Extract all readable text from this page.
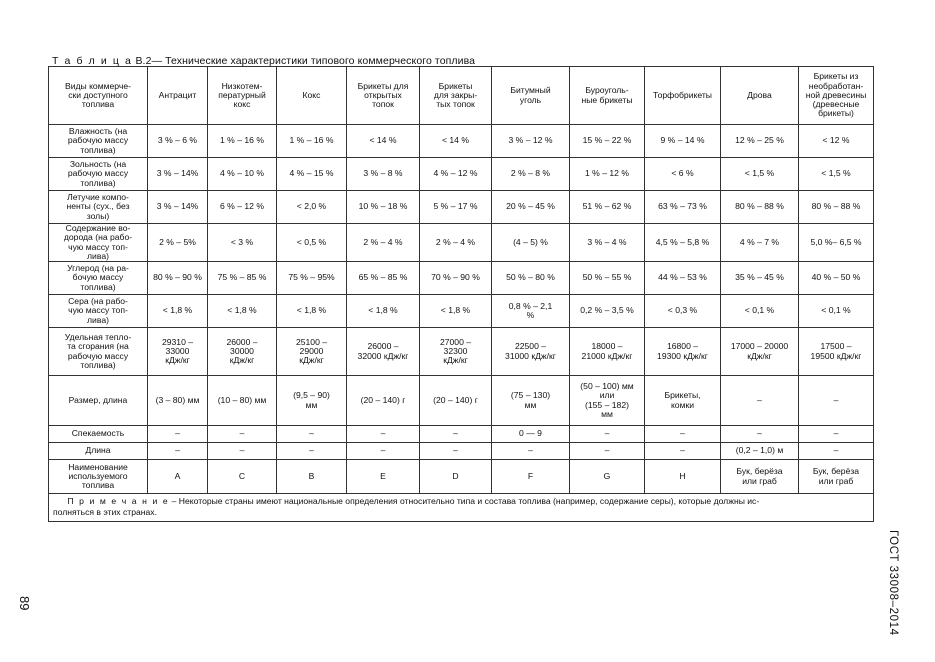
Т а б л и ц а В.2— Технические характеристики типового коммерческого топлива
Виды коммерче-
ски доступного
топлива	Антрацит	Низкотем-
пературный
кокс	Кокс	Брикеты для
открытых
топок	Брикеты
для закры-
тых топок	Битумный
уголь	Буроуголь-
ные брикеты	Торфобрикеты	Дрова	Брикеты из
необработан-
ной древесины
(древесные
брикеты)
Влажность (на
рабочую массу
топлива)	3 % – 6 %	1 % – 16 %	1 % – 16 %	< 14 %	< 14 %	3 % – 12 %	15 % – 22 %	9 % – 14 %	12 % – 25 %	< 12 %
Зольность (на
рабочую массу
топлива)	3 % – 14%	4 % – 10 %	4 % – 15 %	3 % – 8 %	4 % – 12 %	2 % – 8 %	1 % – 12 %	< 6 %	< 1,5 %	< 1,5 %
Летучие компо-
ненты (сух., без
золы)	3 % – 14%	6 % – 12 %	< 2,0 %	10 % – 18 %	5 % – 17 %	20 % – 45 %	51 % – 62 %	63 % – 73 %	80 % – 88 %	80 % – 88 %
Содержание во-
дорода (на рабо-
чую массу топ-
лива)	2 % – 5%	< 3 %	< 0,5 %	2 % – 4 %	2 % – 4 %	(4 – 5) %	3 % – 4 %	4,5 % – 5,8 %	4 % – 7 %	5,0 %– 6,5 %
Углерод (на ра-
бочую массу
топлива)	80 % – 90 %	75 % – 85 %	75 % – 95%	65 % – 85 %	70 % – 90 %	50 % – 80 %	50 % – 55 %	44 % – 53 %	35 % – 45 %	40 % – 50 %
Сера (на рабо-
чую массу топ-
лива)	< 1,8 %	< 1,8 %	< 1,8 %	< 1,8 %	< 1,8 %	0,8 % – 2,1
%	0,2 % – 3,5 %	< 0,3 %	< 0,1 %	< 0,1 %
Удельная тепло-
та сгорания (на
рабочую массу
топлива)	29310 –
33000
кДж/кг	26000 –
30000
кДж/кг	25100 –
29000
кДж/кг	26000 –
32000 кДж/кг	27000 –
32300
кДж/кг	22500 –
31000 кДж/кг	18000 –
21000 кДж/кг	16800 –
19300 кДж/кг	17000 – 20000
кДж/кг	17500 –
19500 кДж/кг
Размер, длина	(3 – 80) мм	(10 – 80) мм	(9,5 – 90)
мм	(20 – 140) г	(20 – 140) г	(75 – 130)
мм	(50 – 100) мм
или
(155 – 182)
мм	Брикеты,
комки	–	–
Спекаемость	–	–	–	–	–	0 — 9	–	–	–	–
Длина	–	–	–	–	–	–	–	–	(0,2 – 1,0) м	–
Наименование
используемого
топлива	A	C	B	E	D	F	G	H	Бук, берёза
или граб	Бук, берёза
или граб
П р и м е ч а н и е – Некоторые страны имеют национальные определения относительно типа и состава топлива (например, содержание серы), которые должны ис-
полняться в этих странах.										
ГОСТ 33008–2014
89
